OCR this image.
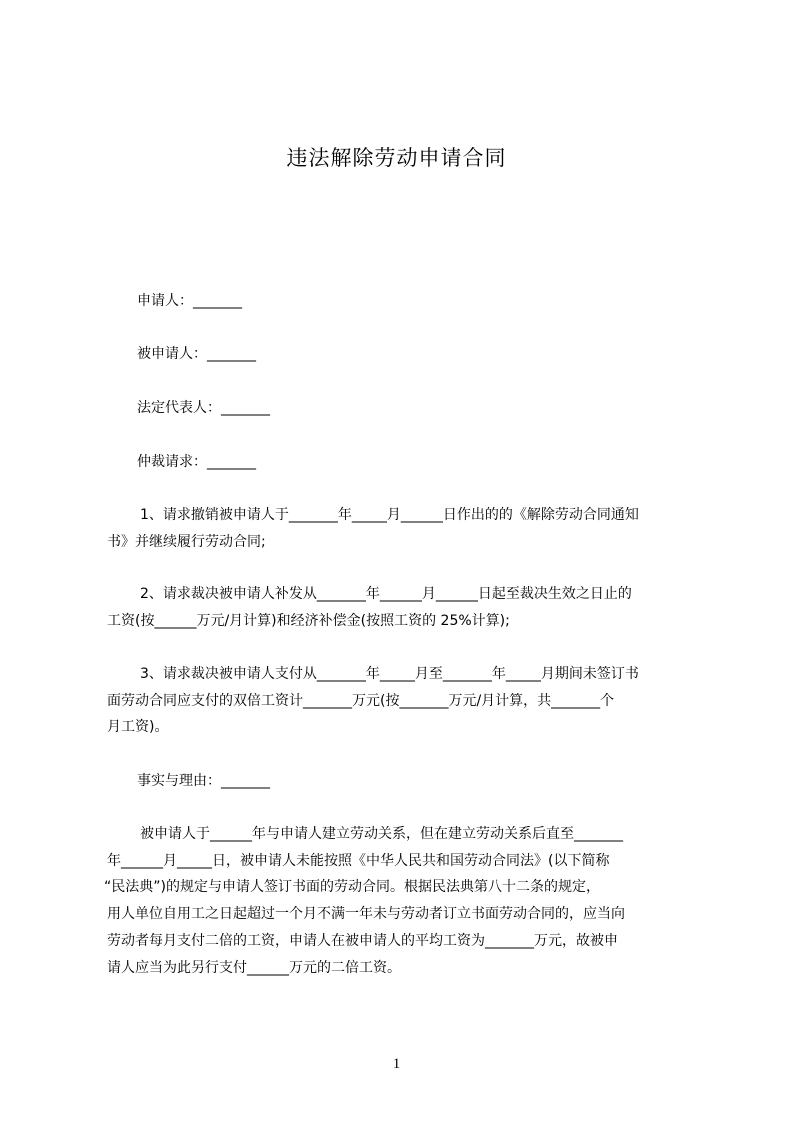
违法解除劳动申请合同
申请人：_______
被申请人：_______
法定代表人：_______
仲裁请求：_______
1、请求撤销被申请人于_______年_____月______日作出的的《解除劳动合同通知
书》并继续履行劳动合同;
2、请求裁决被申请人补发从_______年______月______日起至裁决生效之日止的
工资(按______万元/月计算)和经济补偿金(按照工资的 25%计算);
3、请求裁决被申请人支付从_______年_____月至_______年_____月期间未签订书
面劳动合同应支付的双倍工资计_______万元(按_______万元/月计算，共_______个
月工资)。
事实与理由：_______
被申请人于______年与申请人建立劳动关系，但在建立劳动关系后直至_______
年______月_____日，被申请人未能按照《中华人民共和国劳动合同法》(以下简称
“民法典”)的规定与申请人签订书面的劳动合同。根据民法典第八十二条的规定，
用人单位自用工之日起超过一个月不满一年未与劳动者订立书面劳动合同的，应当向
劳动者每月支付二倍的工资，申请人在被申请人的平均工资为_______万元，故被申
请人应当为此另行支付______万元的二倍工资。
1
